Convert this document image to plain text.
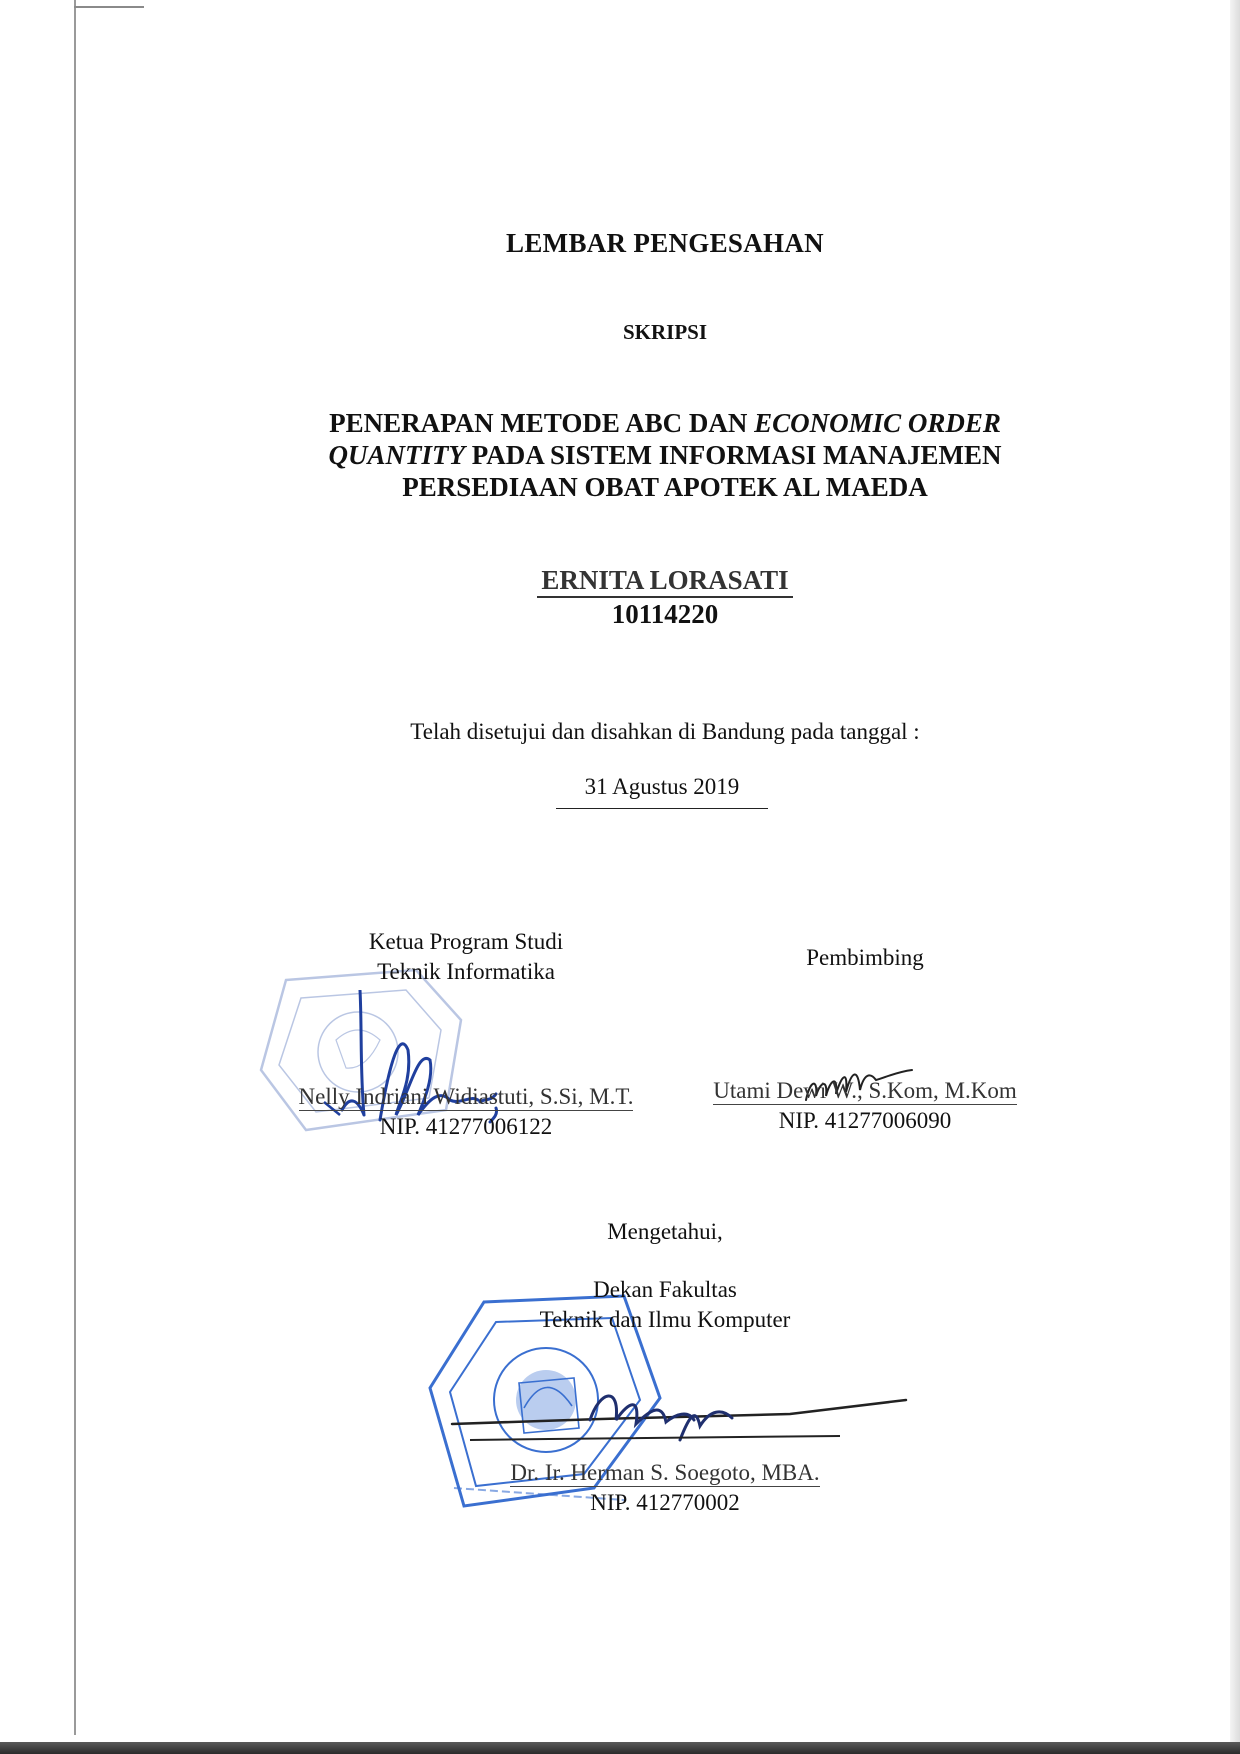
LEMBAR PENGESAHAN
SKRIPSI
PENERAPAN METODE ABC DAN ECONOMIC ORDER
QUANTITY PADA SISTEM INFORMASI MANAJEMEN
PERSEDIAAN OBAT APOTEK AL MAEDA
ERNITA LORASATI
10114220
Telah disetujui dan disahkan di Bandung pada tanggal :
31 Agustus 2019
Ketua Program Studi
Teknik Informatika
Nelly Indriani Widiastuti, S.Si, M.T.
NIP. 41277006122
Pembimbing
Utami Dewi W., S.Kom, M.Kom
NIP. 41277006090
Mengetahui,
Dekan Fakultas
Teknik dan Ilmu Komputer
Dr. Ir. Herman S. Soegoto, MBA.
NIP. 412770002
